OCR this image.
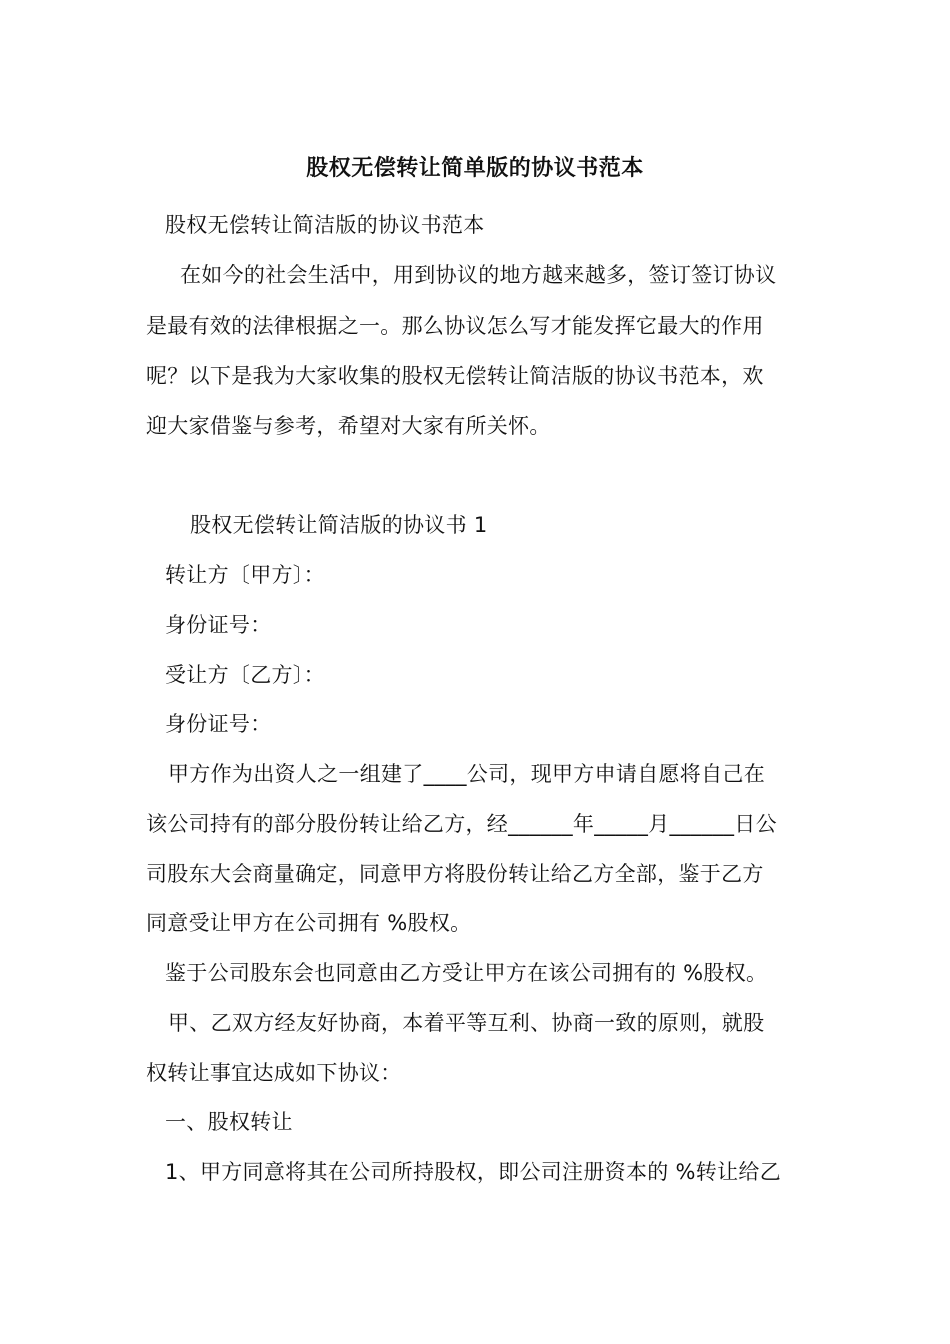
股权无偿转让简单版的协议书范本
股权无偿转让简洁版的协议书范本
在如今的社会生活中，用到协议的地方越来越多，签订签订协议
是最有效的法律根据之一。那么协议怎么写才能发挥它最大的作用
呢？以下是我为大家收集的股权无偿转让简洁版的协议书范本，欢
迎大家借鉴与参考，希望对大家有所关怀。
股权无偿转让简洁版的协议书 1
转让方〔甲方〕：
身份证号：
受让方〔乙方〕：
身份证号：
甲方作为出资人之一组建了____公司，现甲方申请自愿将自己在
该公司持有的部分股份转让给乙方，经______年_____月______日公
司股东大会商量确定，同意甲方将股份转让给乙方全部，鉴于乙方
同意受让甲方在公司拥有 %股权。
鉴于公司股东会也同意由乙方受让甲方在该公司拥有的 %股权。
甲、乙双方经友好协商，本着平等互利、协商一致的原则，就股
权转让事宜达成如下协议：
一、股权转让
1、甲方同意将其在公司所持股权，即公司注册资本的 %转让给乙
